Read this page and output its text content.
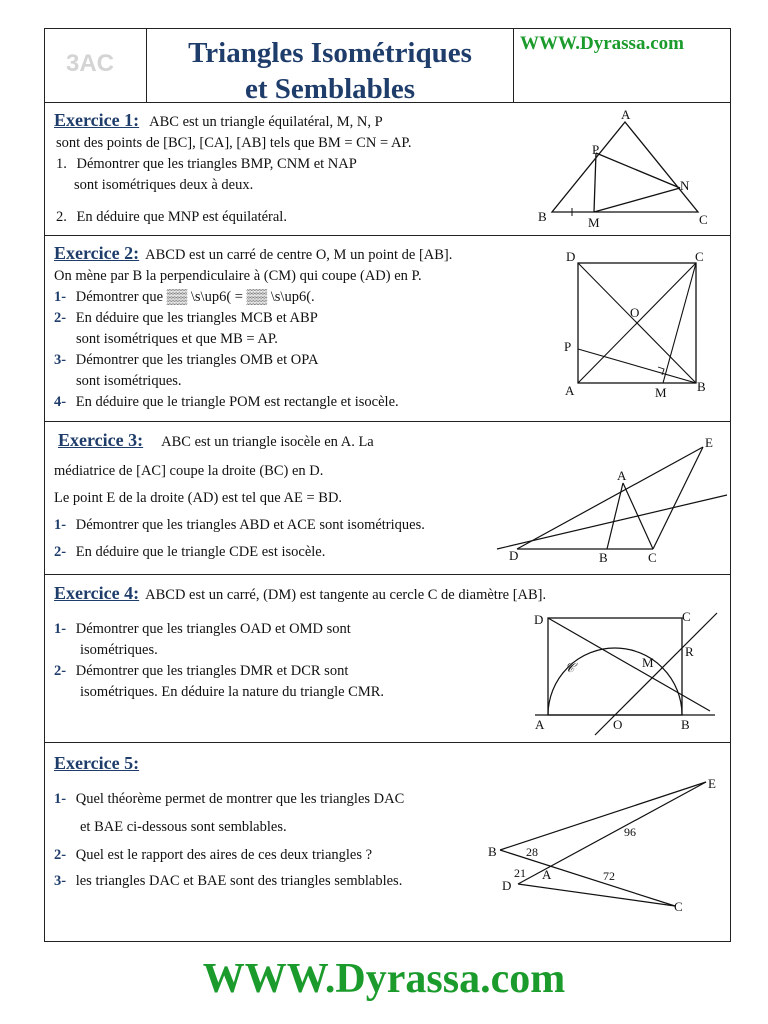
3AC	Triangles Isométriques
et Semblables
WWW.Dyrassa.com
Exercice 1: ABC est un triangle équilatéral, M, N, P
sont des points de [BC], [CA], [AB] tels que BM = CN = AP.
1. Démontrer que les triangles BMP, CNM et NAP
sont isométriques deux à deux.
2. En déduire que MNP est équilatéral.
A
B	C
M
N
P
Exercice 2: ABCD est un carré de centre O, M un point de [AB].
On mène par B la perpendiculaire à (CM) qui coupe (AD) en P.
1- Démontrer que ▒▒ \s\up6( = ▒▒ \s\up6(.
2- En déduire que les triangles MCB et ABP
sont isométriques et que MB = AP.
3- Démontrer que les triangles OMB et OPA
sont isométriques.
4- En déduire que le triangle POM est rectangle et isocèle.
D	C
A	B
O
M
P
Exercice 3: ABC est un triangle isocèle en A. La
médiatrice de [AC] coupe la droite (BC) en D.
Le point E de la droite (AD) est tel que AE = BD.
1- Démontrer que les triangles ABD et ACE sont isométriques.
2- En déduire que le triangle CDE est isocèle.
A
B	C
D
E
Exercice 4: ABCD est un carré, (DM) est tangente au cercle C de diamètre [AB].
1- Démontrer que les triangles OAD et OMD sont
isométriques.
2- Démontrer que les triangles DMR et DCR sont
isométriques. En déduire la nature du triangle CMR.
D	C
A	B
O
M
R
𝒞
Exercice 5:
1- Quel théorème permet de montrer que les triangles DAC
et BAE ci-dessous sont semblables.
2- Quel est le rapport des aires de ces deux triangles ?
3- les triangles DAC et BAE sont des triangles semblables.
B
E
A
D
C
28
96
21	72
WWW.Dyrassa.com
